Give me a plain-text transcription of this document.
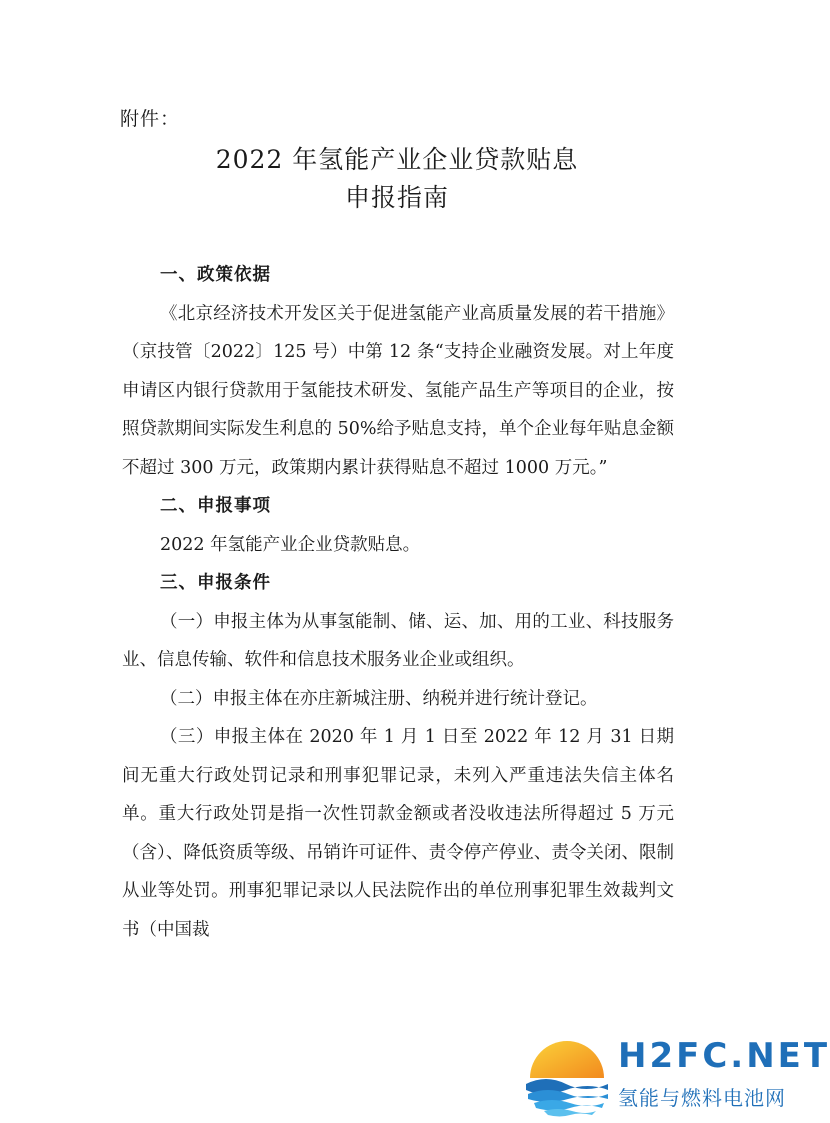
附件：
2022 年氢能产业企业贷款贴息
申报指南

一、政策依据

《北京经济技术开发区关于促进氢能产业高质量发展的若干措施》（京技管〔2022〕125 号）中第 12 条“支持企业融资发展。对上年度申请区内银行贷款用于氢能技术研发、氢能产品生产等项目的企业，按照贷款期间实际发生利息的 50%给予贴息支持，单个企业每年贴息金额不超过 300 万元，政策期内累计获得贴息不超过 1000 万元。”

二、申报事项

2022 年氢能产业企业贷款贴息。

三、申报条件

（一）申报主体为从事氢能制、储、运、加、用的工业、科技服务业、信息传输、软件和信息技术服务业企业或组织。

（二）申报主体在亦庄新城注册、纳税并进行统计登记。

（三）申报主体在 2020 年 1 月 1 日至 2022 年 12 月 31 日期间无重大行政处罚记录和刑事犯罪记录，未列入严重违法失信主体名单。重大行政处罚是指一次性罚款金额或者没收违法所得超过 5 万元（含）、降低资质等级、吊销许可证件、责令停产停业、责令关闭、限制从业等处罚。刑事犯罪记录以人民法院作出的单位刑事犯罪生效裁判文书（中国裁

H2FC.NET
氢能与燃料电池网
